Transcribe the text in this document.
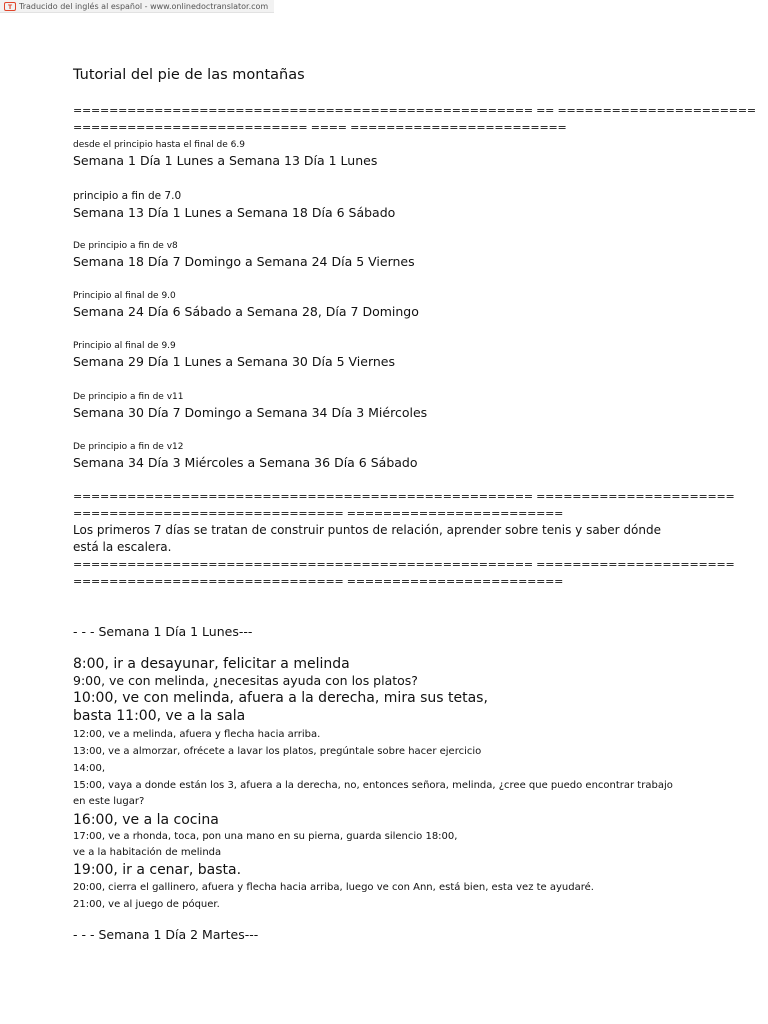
T Traducido del inglés al español - www.onlinedoctranslator.com
Tutorial del pie de las montañas
=================================================== == ======================
========================== ==== ========================
desde el principio hasta el final de 6.9
Semana 1 Día 1 Lunes a Semana 13 Día 1 Lunes
principio a fin de 7.0
Semana 13 Día 1 Lunes a Semana 18 Día 6 Sábado
De principio a fin de v8
Semana 18 Día 7 Domingo a Semana 24 Día 5 Viernes
Principio al final de 9.0
Semana 24 Día 6 Sábado a Semana 28, Día 7 Domingo
Principio al final de 9.9
Semana 29 Día 1 Lunes a Semana 30 Día 5 Viernes
De principio a fin de v11
Semana 30 Día 7 Domingo a Semana 34 Día 3 Miércoles
De principio a fin de v12
Semana 34 Día 3 Miércoles a Semana 36 Día 6 Sábado
=================================================== ======================
============================== ========================
Los primeros 7 días se tratan de construir puntos de relación, aprender sobre tenis y saber dónde está la escalera.
=================================================== ======================
============================== ========================
- - - Semana 1 Día 1 Lunes---
8:00, ir a desayunar, felicitar a melinda
9:00, ve con melinda, ¿necesitas ayuda con los platos?
10:00, ve con melinda, afuera a la derecha, mira sus tetas,
basta 11:00, ve a la sala
12:00, ve a melinda, afuera y flecha hacia arriba.
13:00, ve a almorzar, ofrécete a lavar los platos, pregúntale sobre hacer ejercicio
14:00,
15:00, vaya a donde están los 3, afuera a la derecha, no, entonces señora, melinda, ¿cree que puedo encontrar trabajo en este lugar?
16:00, ve a la cocina
17:00, ve a rhonda, toca, pon una mano en su pierna, guarda silencio 18:00,
ve a la habitación de melinda
19:00, ir a cenar, basta.
20:00, cierra el gallinero, afuera y flecha hacia arriba, luego ve con Ann, está bien, esta vez te ayudaré.
21:00, ve al juego de póquer.
- - - Semana 1 Día 2 Martes---
